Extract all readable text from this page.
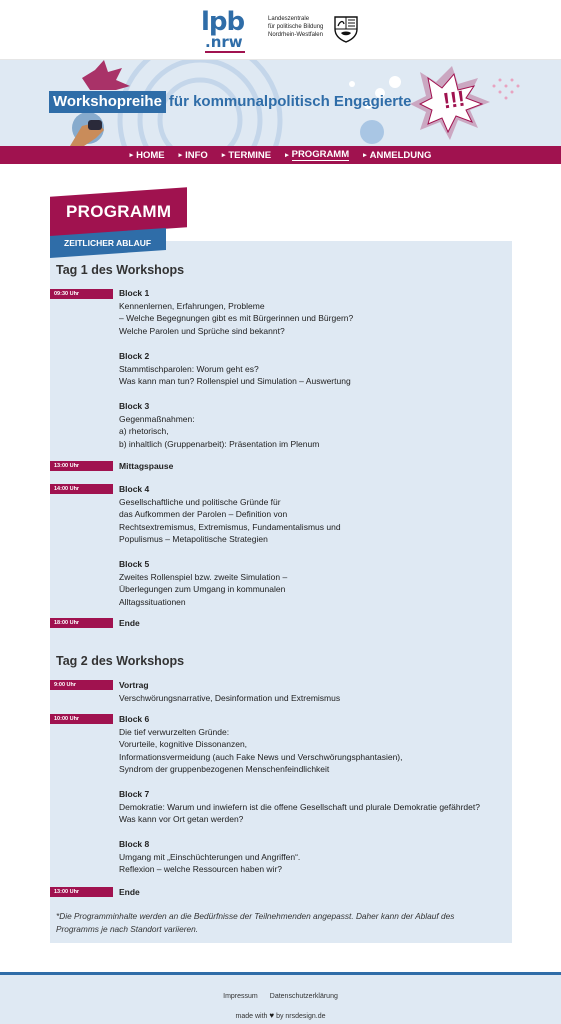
lpb
.nrw
Landeszentrale
für politische Bildung
Nordrhein-Westfalen
!!!
Workshopreihe für kommunalpolitisch Engagierte
▸ HOME ▸ INFO ▸ TERMINE ▸ PROGRAMM ▸ ANMELDUNG
PROGRAMM
ZEITLICHER ABLAUF
Tag 1 des Workshops
09:30 Uhr	Block 1
Kennenlernen, Erfahrungen, Probleme
– Welche Begegnungen gibt es mit Bürgerinnen und Bürgern?
Welche Parolen und Sprüche sind bekannt?
Block 2
Stammtischparolen: Worum geht es?
Was kann man tun? Rollenspiel und Simulation – Auswertung
Block 3
Gegenmaßnahmen:
a) rhetorisch,
b) inhaltlich (Gruppenarbeit): Präsentation im Plenum
13:00 Uhr	Mittagspause
14:00 Uhr	Block 4
Gesellschaftliche und politische Gründe für
das Aufkommen der Parolen – Definition von
Rechtsextremismus, Extremismus, Fundamentalismus und
Populismus – Metapolitische Strategien
Block 5
Zweites Rollenspiel bzw. zweite Simulation –
Überlegungen zum Umgang in kommunalen
Alltagssituationen
18:00 Uhr	Ende
Tag 2 des Workshops
9:00 Uhr	Vortrag
Verschwörungsnarrative, Desinformation und Extremismus
10:00 Uhr	Block 6
Die tief verwurzelten Gründe:
Vorurteile, kognitive Dissonanzen,
Informationsvermeidung (auch Fake News und Verschwörungsphantasien),
Syndrom der gruppenbezogenen Menschenfeindlichkeit
Block 7
Demokratie: Warum und inwiefern ist die offene Gesellschaft und plurale Demokratie gefährdet?
Was kann vor Ort getan werden?
Block 8
Umgang mit „Einschüchterungen und Angriffen“.
Reflexion – welche Ressourcen haben wir?
13:00 Uhr	Ende
*Die Programminhalte werden an die Bedürfnisse der Teilnehmenden angepasst. Daher kann der Ablauf des
Programms je nach Standort variieren.
Impressum Datenschutzerklärung
made with ♥ by nrsdesign.de
